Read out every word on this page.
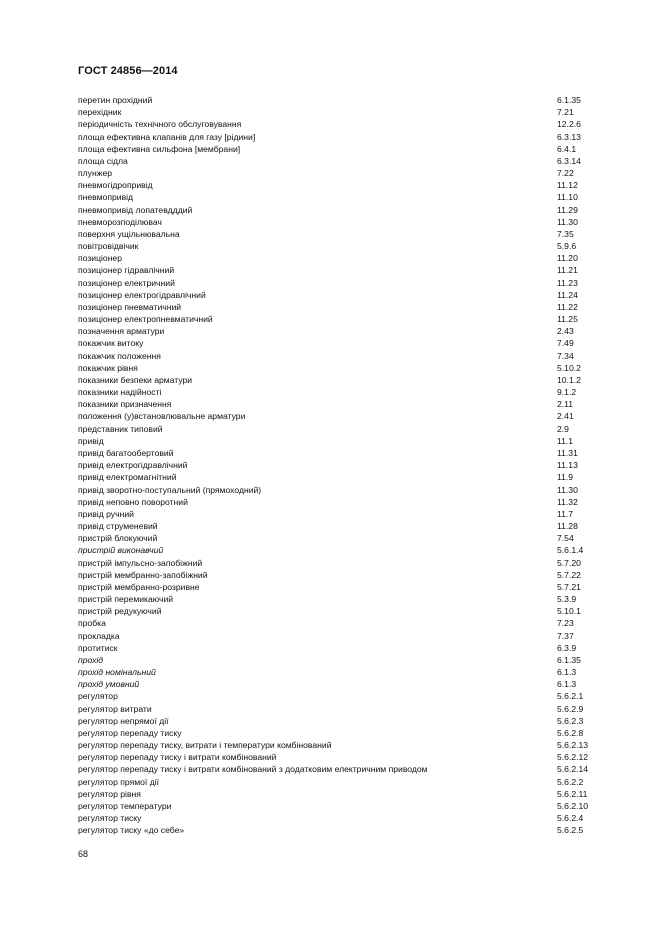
ГОСТ 24856—2014
перетин прохідний	6.1.35
перехідник	7.21
періодичність технічного обслуговування	12.2.6
площа ефективна клапанів для газу [рідини]	6.3.13
площа ефективна сильфона [мембрани]	6.4.1
площа сідла	6.3.14
плунжер	7.22
пневмогідропривід	11.12
пневмопривід	11.10
пневмопривід лопатевдддий	11.29
пневморозподілювач	11.30
поверхня ущільнювальна	7.35
повітровідвічик	5.9.6
позиціонер	11.20
позиціонер гідравлічний	11.21
позиціонер електричний	11.23
позиціонер електрогідравлічний	11.24
позиціонер пневматичний	11.22
позиціонер електропневматичний	11.25
позначення арматури	2.43
покажчик витоку	7.49
покажчик положення	7.34
покажчик рівня	5.10.2
показники безпеки арматури	10.1.2
показники надійності	9.1.2
показники призначення	2.11
положення (у)встановлювальне арматури	2.41
представник типовий	2.9
привід	11.1
привід багатообертовий	11.31
привід електрогідравлічний	11.13
привід електромагнітний	11.9
привід зворотно-поступальний (прямоходний)	11.30
привід неповно поворотний	11.32
привід ручний	11.7
привід струменевий	11.28
пристрій блокуючий	7.54
пристрій виконавчий	5.6.1.4
пристрій імпульсно-запобіжний	5.7.20
пристрій мембранно-запобіжний	5.7.22
пристрій мембранно-розривне	5.7.21
пристрій перемикаючий	5.3.9
пристрій редукуючий	5.10.1
пробка	7.23
прокладка	7.37
протитиск	6.3.9
прохід	6.1.35
прохід номінальний	6.1.3
прохід умовний	6.1.3
регулятор	5.6.2.1
регулятор витрати	5.6.2.9
регулятор непрямої дії	5.6.2.3
регулятор перепаду тиску	5.6.2.8
регулятор перепаду тиску, витрати і температури комбінований	5.6.2.13
регулятор перепаду тиску і витрати комбінований	5.6.2.12
регулятор перепаду тиску і витрати комбінований з додатковим електричним приводом	5.6.2.14
регулятор прямої дії	5.6.2.2
регулятор рівня	5.6.2.11
регулятор температури	5.6.2.10
регулятор тиску	5.6.2.4
регулятор тиску «до себе»	5.6.2.5
68
